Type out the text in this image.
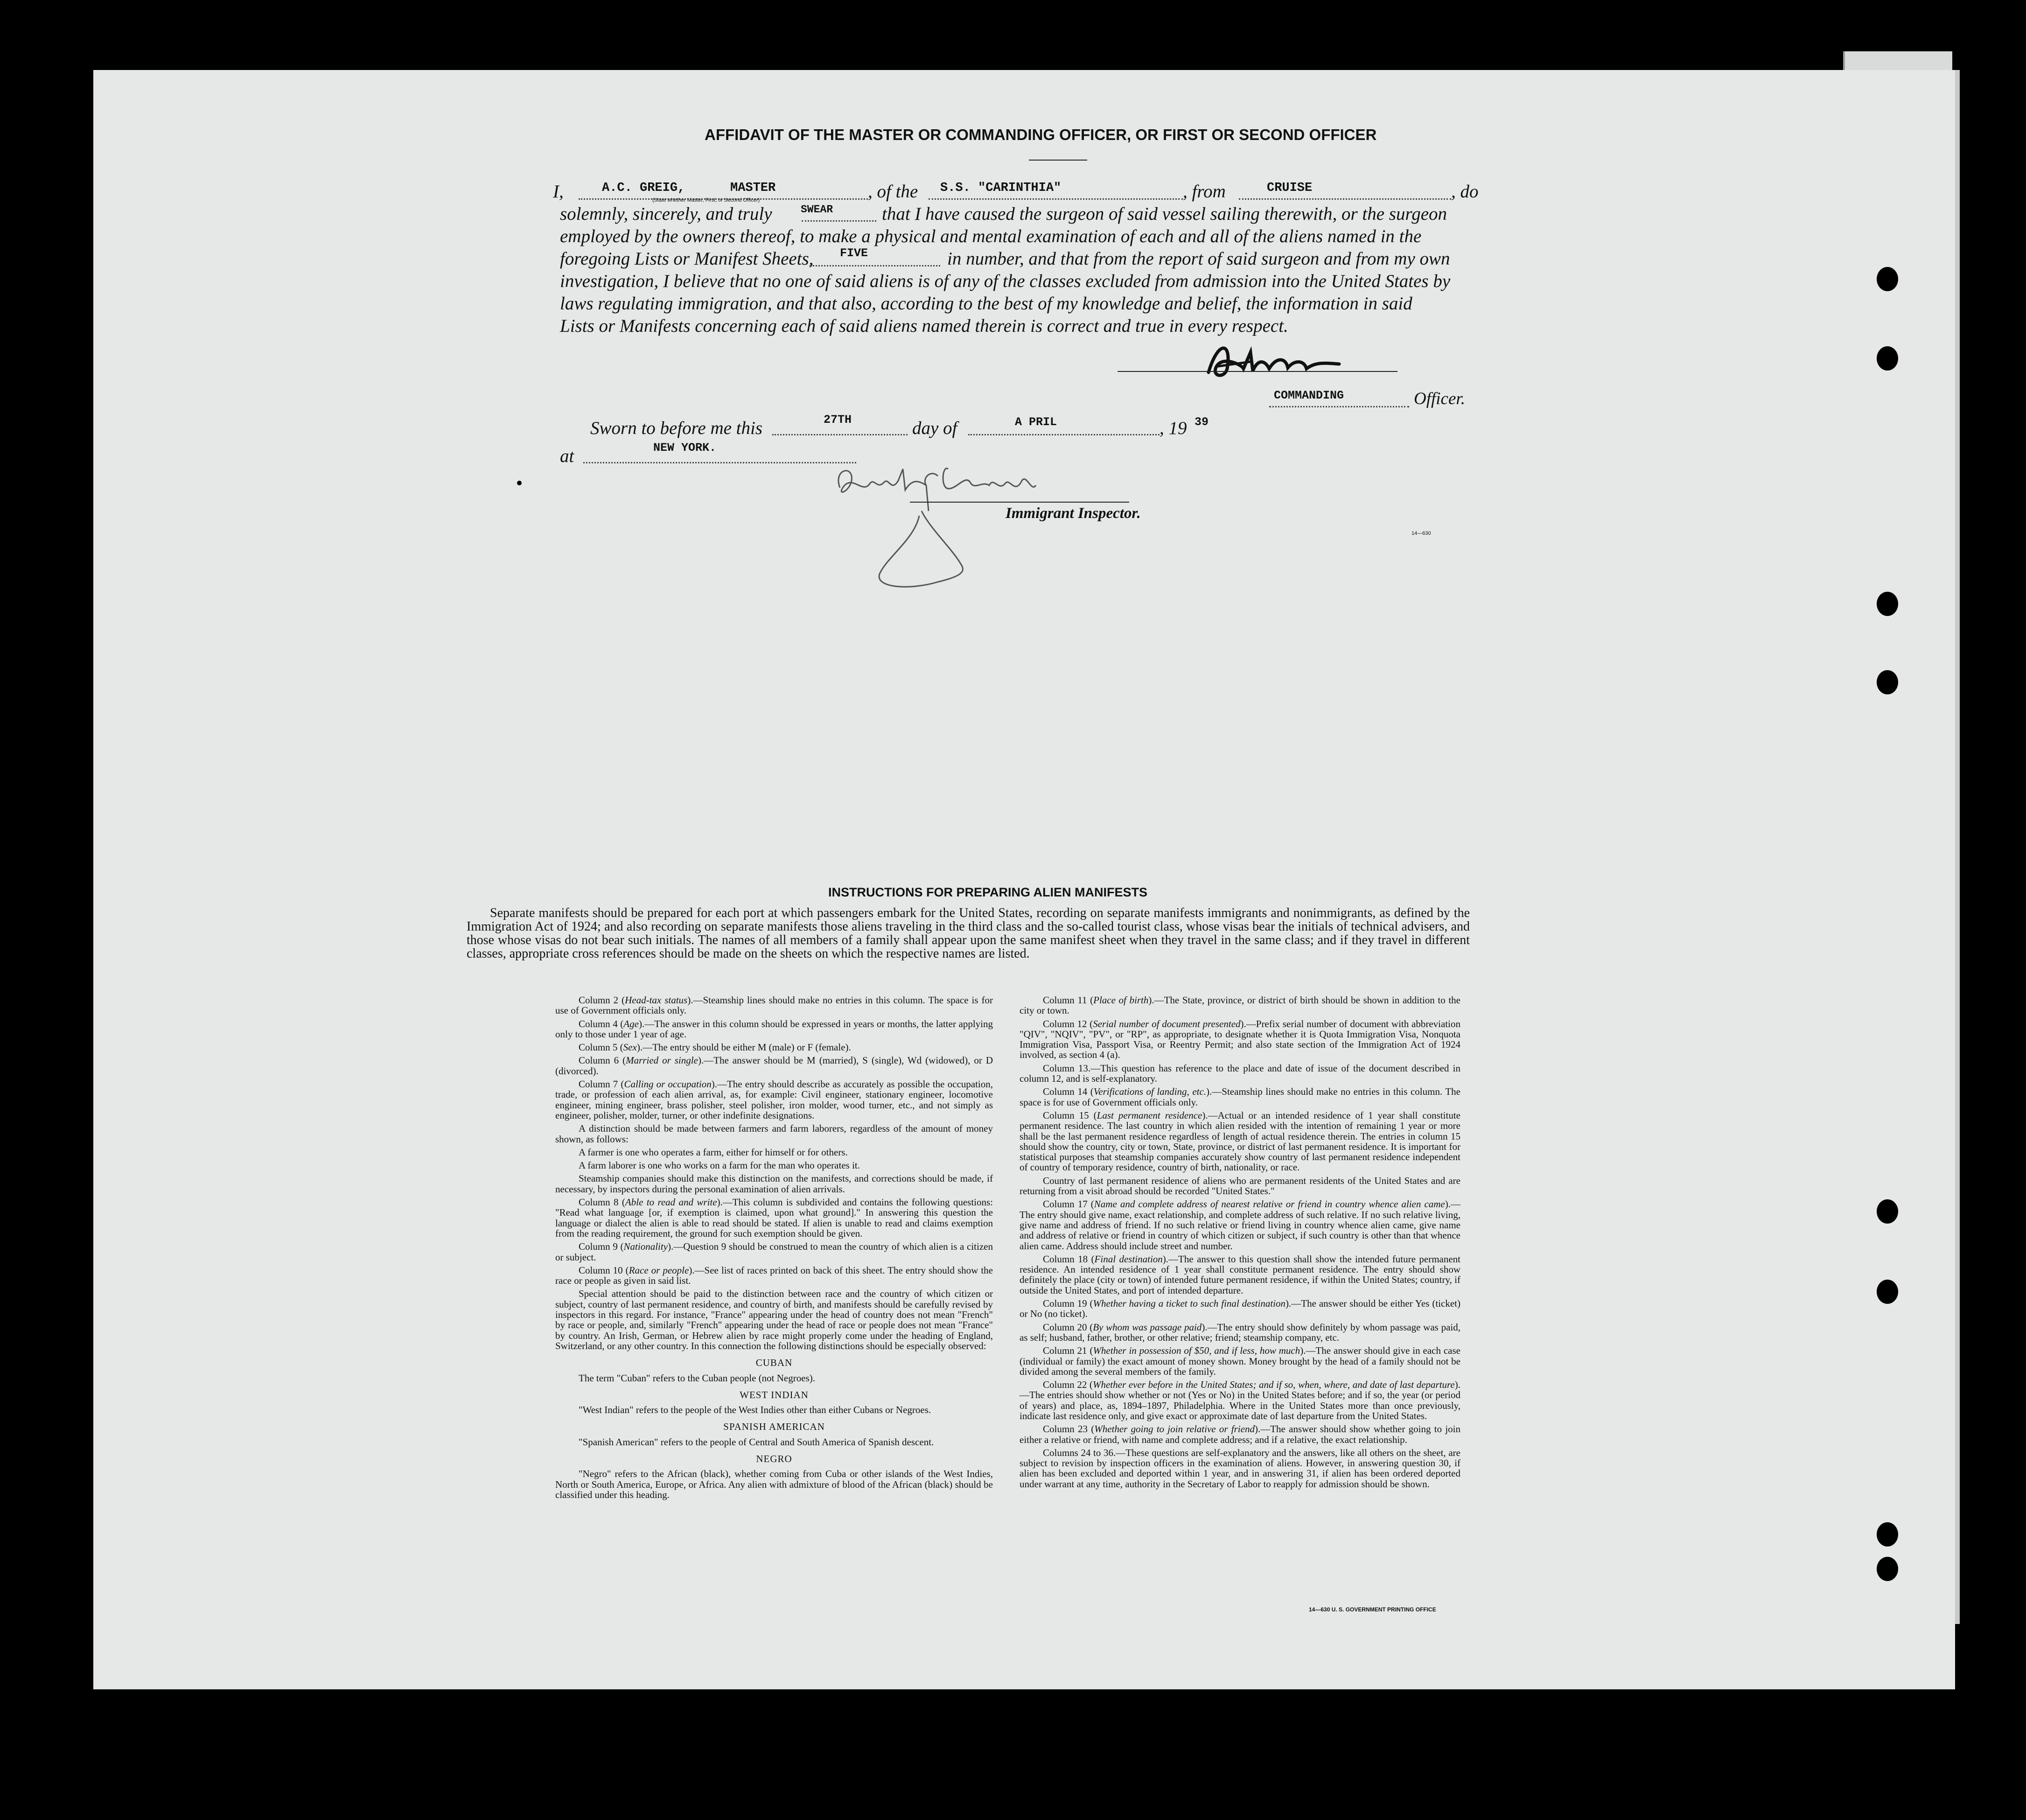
AFFIDAVIT OF THE MASTER OR COMMANDING OFFICER, OR FIRST OR SECOND OFFICER
I,	A.C. GREIG,	MASTER
(State whether Master, First, or Second Officer)	, of the S.S. "CARINTHIA"	, from	CRUISE	, do
solemnly, sincerely, and truly	SWEAR	that I have caused the surgeon of said vessel sailing therewith, or the surgeon
employed by the owners thereof, to make a physical and mental examination of each and all of the aliens named in the
foregoing Lists or Manifest Sheets, FIVE	in number, and that from the report of said surgeon and from my own
investigation, I believe that no one of said aliens is of any of the classes excluded from admission into the United States by
laws regulating immigration, and that also, according to the best of my knowledge and belief, the information in said
Lists or Manifests concerning each of said aliens named therein is correct and true in every respect.
COMMANDING	Officer.
Sworn to before me this	27TH	day of	A PRIL	, 19 39
at	NEW YORK.
Immigrant Inspector.
14—630
INSTRUCTIONS FOR PREPARING ALIEN MANIFESTS

Separate manifests should be prepared for each port at which passengers embark for the United States, recording on separate manifests immigrants and nonimmigrants, as defined by the Immigration Act of 1924; and also recording on separate manifests those aliens traveling in the third class and the so-called tourist class, whose visas bear the initials of technical advisers, and those whose visas do not bear such initials. The names of all members of a family shall appear upon the same manifest sheet when they travel in the same class; and if they travel in different classes, appropriate cross references should be made on the sheets on which the respective names are listed.

Column 2 (Head-tax status).—Steamship lines should make no entries in this column. The space is for use of Government officials only.

Column 4 (Age).—The answer in this column should be expressed in years or months, the latter applying only to those under 1 year of age.

Column 5 (Sex).—The entry should be either M (male) or F (female).

Column 6 (Married or single).—The answer should be M (married), S (single), Wd (widowed), or D (divorced).

Column 7 (Calling or occupation).—The entry should describe as accurately as possible the occupation, trade, or profession of each alien arrival, as, for example: Civil engineer, stationary engineer, locomotive engineer, mining engineer, brass polisher, steel polisher, iron molder, wood turner, etc., and not simply as engineer, polisher, molder, turner, or other indefinite designations.

A distinction should be made between farmers and farm laborers, regardless of the amount of money shown, as follows:

A farmer is one who operates a farm, either for himself or for others.

A farm laborer is one who works on a farm for the man who operates it.

Steamship companies should make this distinction on the manifests, and corrections should be made, if necessary, by inspectors during the personal examination of alien arrivals.

Column 8 (Able to read and write).—This column is subdivided and contains the following questions: "Read what language [or, if exemption is claimed, upon what ground]." In answering this question the language or dialect the alien is able to read should be stated. If alien is unable to read and claims exemption from the reading requirement, the ground for such exemption should be given.

Column 9 (Nationality).—Question 9 should be construed to mean the country of which alien is a citizen or subject.

Column 10 (Race or people).—See list of races printed on back of this sheet. The entry should show the race or people as given in said list.

Special attention should be paid to the distinction between race and the country of which citizen or subject, country of last permanent residence, and country of birth, and manifests should be carefully revised by inspectors in this regard. For instance, "France" appearing under the head of country does not mean "French" by race or people, and, similarly "French" appearing under the head of race or people does not mean "France" by country. An Irish, German, or Hebrew alien by race might properly come under the heading of England, Switzerland, or any other country. In this connection the following distinctions should be especially observed:

CUBAN

The term "Cuban" refers to the Cuban people (not Negroes).

WEST INDIAN

"West Indian" refers to the people of the West Indies other than either Cubans or Negroes.

SPANISH AMERICAN

"Spanish American" refers to the people of Central and South America of Spanish descent.

NEGRO

"Negro" refers to the African (black), whether coming from Cuba or other islands of the West Indies, North or South America, Europe, or Africa. Any alien with admixture of blood of the African (black) should be classified under this heading.

Column 11 (Place of birth).—The State, province, or district of birth should be shown in addition to the city or town.

Column 12 (Serial number of document presented).—Prefix serial number of document with abbreviation "QIV", "NQIV", "PV", or "RP", as appropriate, to designate whether it is Quota Immigration Visa, Nonquota Immigration Visa, Passport Visa, or Reentry Permit; and also state section of the Immigration Act of 1924 involved, as section 4 (a).

Column 13.—This question has reference to the place and date of issue of the document described in column 12, and is self-explanatory.

Column 14 (Verifications of landing, etc.).—Steamship lines should make no entries in this column. The space is for use of Government officials only.

Column 15 (Last permanent residence).—Actual or an intended residence of 1 year shall constitute permanent residence. The last country in which alien resided with the intention of remaining 1 year or more shall be the last permanent residence regardless of length of actual residence therein. The entries in column 15 should show the country, city or town, State, province, or district of last permanent residence. It is important for statistical purposes that steamship companies accurately show country of last permanent residence independent of country of temporary residence, country of birth, nationality, or race.

Country of last permanent residence of aliens who are permanent residents of the United States and are returning from a visit abroad should be recorded "United States."

Column 17 (Name and complete address of nearest relative or friend in country whence alien came).—The entry should give name, exact relationship, and complete address of such relative. If no such relative living, give name and address of friend. If no such relative or friend living in country whence alien came, give name and address of relative or friend in country of which citizen or subject, if such country is other than that whence alien came. Address should include street and number.

Column 18 (Final destination).—The answer to this question shall show the intended future permanent residence. An intended residence of 1 year shall constitute permanent residence. The entry should show definitely the place (city or town) of intended future permanent residence, if within the United States; country, if outside the United States, and port of intended departure.

Column 19 (Whether having a ticket to such final destination).—The answer should be either Yes (ticket) or No (no ticket).

Column 20 (By whom was passage paid).—The entry should show definitely by whom passage was paid, as self; husband, father, brother, or other relative; friend; steamship company, etc.

Column 21 (Whether in possession of $50, and if less, how much).—The answer should give in each case (individual or family) the exact amount of money shown. Money brought by the head of a family should not be divided among the several members of the family.

Column 22 (Whether ever before in the United States; and if so, when, where, and date of last departure).—The entries should show whether or not (Yes or No) in the United States before; and if so, the year (or period of years) and place, as, 1894–1897, Philadelphia. Where in the United States more than once previously, indicate last residence only, and give exact or approximate date of last departure from the United States.

Column 23 (Whether going to join relative or friend).—The answer should show whether going to join either a relative or friend, with name and complete address; and if a relative, the exact relationship.

Columns 24 to 36.—These questions are self-explanatory and the answers, like all others on the sheet, are subject to revision by inspection officers in the examination of aliens. However, in answering question 30, if alien has been excluded and deported within 1 year, and in answering 31, if alien has been ordered deported under warrant at any time, authority in the Secretary of Labor to reapply for admission should be shown.

14—630 U. S. GOVERNMENT PRINTING OFFICE
